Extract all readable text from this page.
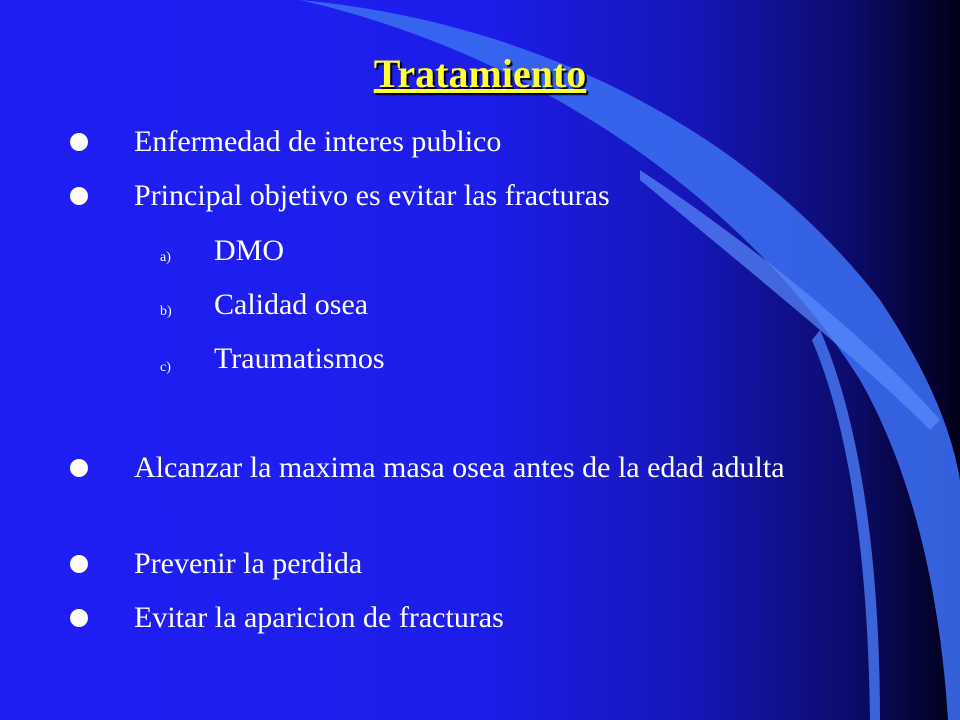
Tratamiento
Enfermedad de interes publico
Principal objetivo es evitar las fracturas
a) DMO
b) Calidad osea
c) Traumatismos
Alcanzar la maxima masa osea antes de la edad adulta
Prevenir la perdida
Evitar la aparicion de fracturas
